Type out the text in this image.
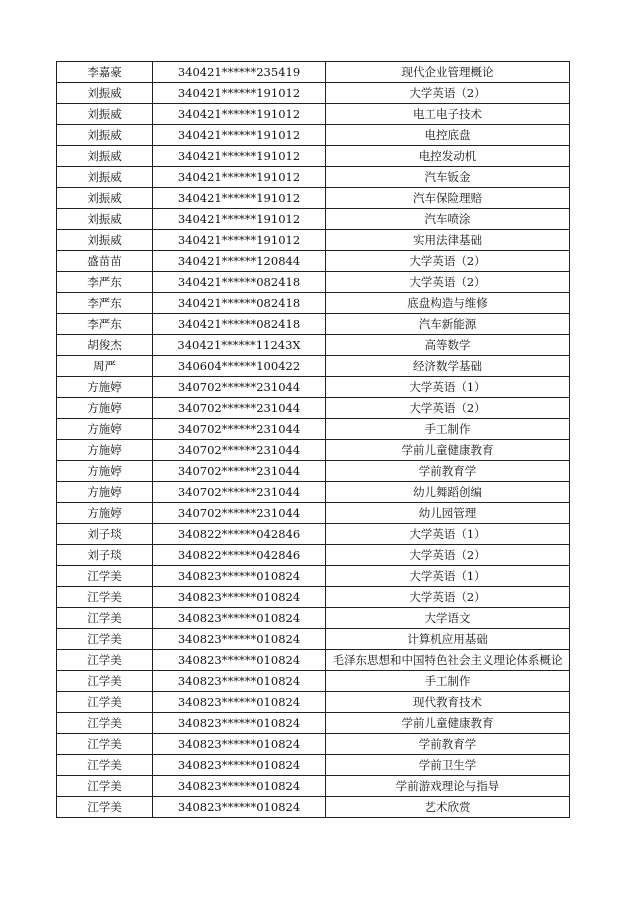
李嘉豪	340421******235419	现代企业管理概论
刘振威	340421******191012	大学英语（2）
刘振威	340421******191012	电工电子技术
刘振威	340421******191012	电控底盘
刘振威	340421******191012	电控发动机
刘振威	340421******191012	汽车钣金
刘振威	340421******191012	汽车保险理赔
刘振威	340421******191012	汽车喷涂
刘振威	340421******191012	实用法律基础
盛苗苗	340421******120844	大学英语（2）
李严东	340421******082418	大学英语（2）
李严东	340421******082418	底盘构造与维修
李严东	340421******082418	汽车新能源
胡俊杰	340421******11243X	高等数学
周严	340604******100422	经济数学基础
方施婷	340702******231044	大学英语（1）
方施婷	340702******231044	大学英语（2）
方施婷	340702******231044	手工制作
方施婷	340702******231044	学前儿童健康教育
方施婷	340702******231044	学前教育学
方施婷	340702******231044	幼儿舞蹈创编
方施婷	340702******231044	幼儿园管理
刘子琰	340822******042846	大学英语（1）
刘子琰	340822******042846	大学英语（2）
江学美	340823******010824	大学英语（1）
江学美	340823******010824	大学英语（2）
江学美	340823******010824	大学语文
江学美	340823******010824	计算机应用基础
江学美	340823******010824	毛泽东思想和中国特色社会主义理论体系概论
江学美	340823******010824	手工制作
江学美	340823******010824	现代教育技术
江学美	340823******010824	学前儿童健康教育
江学美	340823******010824	学前教育学
江学美	340823******010824	学前卫生学
江学美	340823******010824	学前游戏理论与指导
江学美	340823******010824	艺术欣赏
